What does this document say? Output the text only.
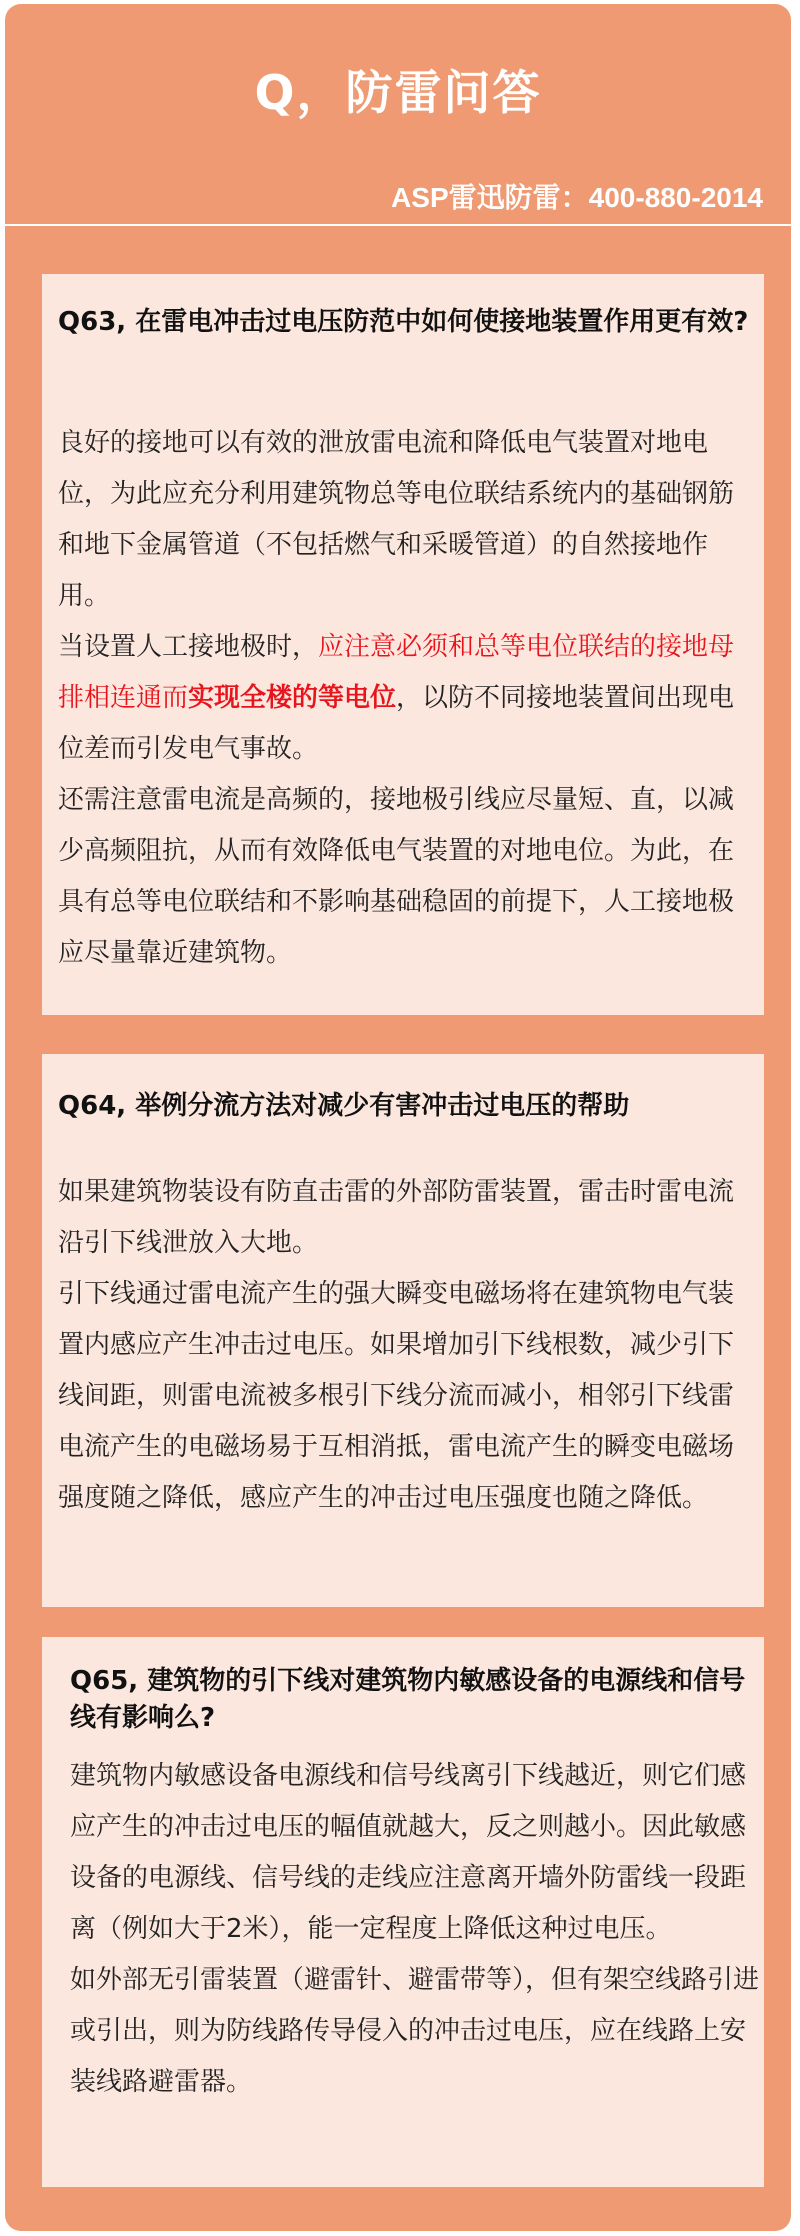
Q，防雷问答
ASP雷迅防雷：400-880-2014
Q63, 在雷电冲击过电压防范中如何使接地装置作用更有效?
良好的接地可以有效的泄放雷电流和降低电气装置对地电位，为此应充分利用建筑物总等电位联结系统内的基础钢筋和地下金属管道（不包括燃气和采暖管道）的自然接地作用。
当设置人工接地极时，应注意必须和总等电位联结的接地母排相连通而实现全楼的等电位，以防不同接地装置间出现电位差而引发电气事故。
还需注意雷电流是高频的，接地极引线应尽量短、直，以减少高频阻抗，从而有效降低电气装置的对地电位。为此，在具有总等电位联结和不影响基础稳固的前提下，人工接地极应尽量靠近建筑物。
Q64, 举例分流方法对减少有害冲击过电压的帮助
如果建筑物装设有防直击雷的外部防雷装置，雷击时雷电流沿引下线泄放入大地。
引下线通过雷电流产生的强大瞬变电磁场将在建筑物电气装置内感应产生冲击过电压。如果增加引下线根数，减少引下线间距，则雷电流被多根引下线分流而减小，相邻引下线雷电流产生的电磁场易于互相消抵，雷电流产生的瞬变电磁场强度随之降低，感应产生的冲击过电压强度也随之降低。
Q65, 建筑物的引下线对建筑物内敏感设备的电源线和信号线有影响么?
建筑物内敏感设备电源线和信号线离引下线越近，则它们感应产生的冲击过电压的幅值就越大，反之则越小。因此敏感设备的电源线、信号线的走线应注意离开墙外防雷线一段距离（例如大于2米），能一定程度上降低这种过电压。
如外部无引雷装置（避雷针、避雷带等），但有架空线路引进或引出，则为防线路传导侵入的冲击过电压，应在线路上安装线路避雷器。
